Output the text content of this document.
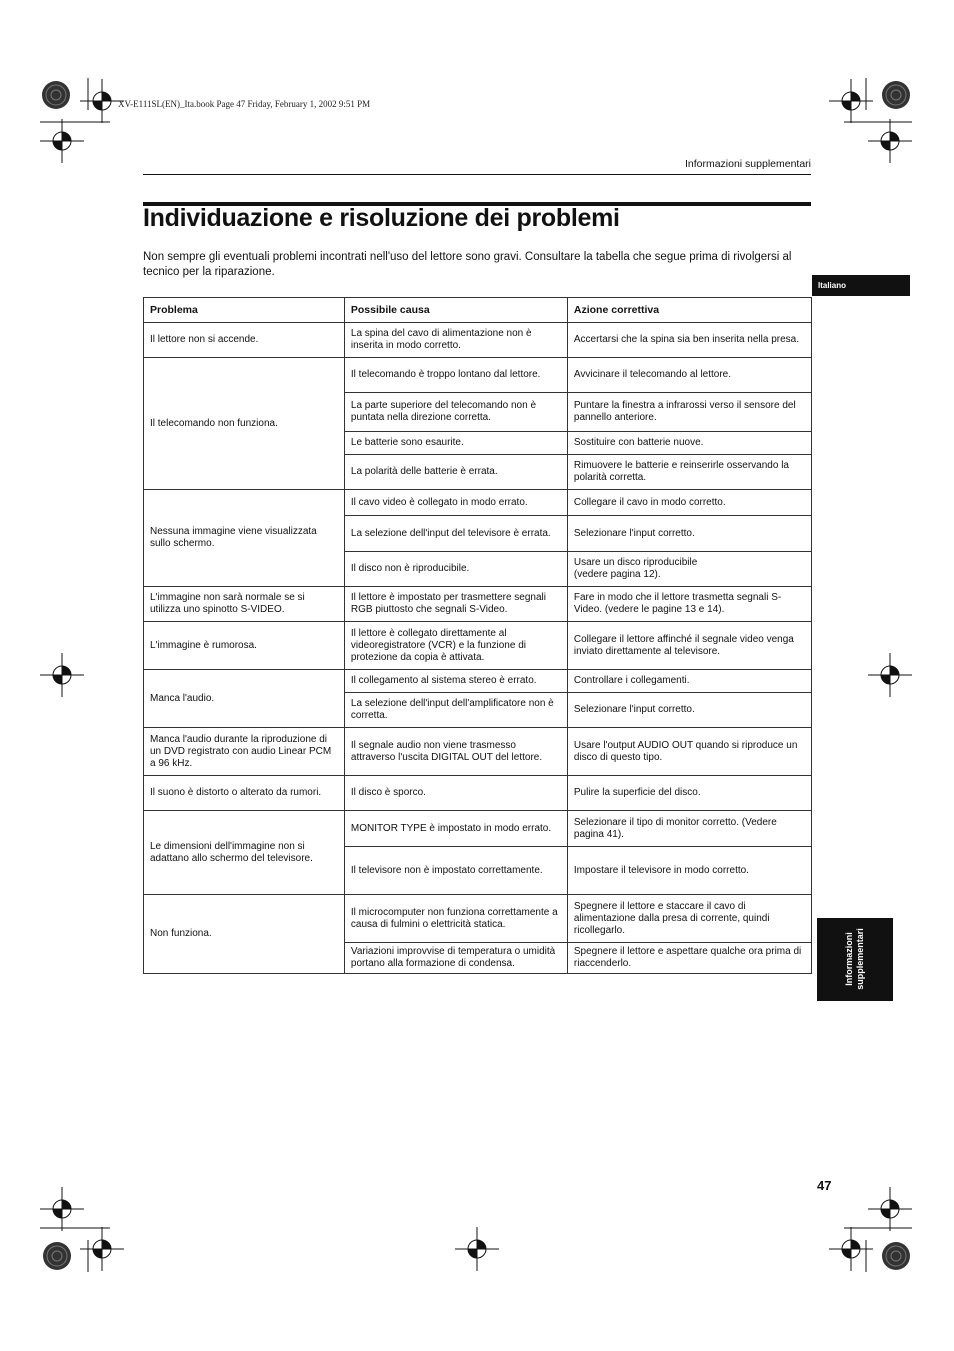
XV-E111SL(EN)_Ita.book Page 47 Friday, February 1, 2002 9:51 PM
Informazioni supplementari
Individuazione e risoluzione dei problemi

Non sempre gli eventuali problemi incontrati nell'uso del lettore sono gravi. Consultare la tabella che segue prima di rivolgersi al tecnico per la riparazione.

Problema	Possibile causa	Azione correttiva
Il lettore non si accende.	La spina del cavo di alimentazione non è inserita in modo corretto.	Accertarsi che la spina sia ben inserita nella presa.
Il telecomando non funziona.	Il telecomando è troppo lontano dal lettore.	Avvicinare il telecomando al lettore.
	La parte superiore del telecomando non è puntata nella direzione corretta.	Puntare la finestra a infrarossi verso il sensore del pannello anteriore.
	Le batterie sono esaurite.	Sostituire con batterie nuove.
	La polarità delle batterie è errata.	Rimuovere le batterie e reinserirle osservando la polarità corretta.
Nessuna immagine viene visualizzata sullo schermo.	Il cavo video è collegato in modo errato.	Collegare il cavo in modo corretto.
	La selezione dell'input del televisore è errata.	Selezionare l'input corretto.
	Il disco non è riproducibile.	Usare un disco riproducibile
(vedere pagina 12).
L'immagine non sarà normale se si utilizza uno spinotto S-VIDEO.	Il lettore è impostato per trasmettere segnali RGB piuttosto che segnali S-Video.	Fare in modo che il lettore trasmetta segnali S-Video. (vedere le pagine 13 e 14).
L'immagine è rumorosa.	Il lettore è collegato direttamente al videoregistratore (VCR) e la funzione di protezione da copia è attivata.	Collegare il lettore affinché il segnale video venga inviato direttamente al televisore.
Manca l'audio.	Il collegamento al sistema stereo è errato.	Controllare i collegamenti.
	La selezione dell'input dell'amplificatore non è corretta.	Selezionare l'input corretto.
Manca l'audio durante la riproduzione di un DVD registrato con audio Linear PCM a 96 kHz.	Il segnale audio non viene trasmesso attraverso l'uscita DIGITAL OUT del lettore.	Usare l'output AUDIO OUT quando si riproduce un disco di questo tipo.
Il suono è distorto o alterato da rumori.	Il disco è sporco.	Pulire la superficie del disco.
Le dimensioni dell'immagine non si adattano allo schermo del televisore.	MONITOR TYPE è impostato in modo errato.	Selezionare il tipo di monitor corretto. (Vedere pagina 41).
	Il televisore non è impostato correttamente.	Impostare il televisore in modo corretto.
Non funziona.	Il microcomputer non funziona correttamente a causa di fulmini o elettricità statica.	Spegnere il lettore e staccare il cavo di alimentazione dalla presa di corrente, quindi ricollegarlo.
	Variazioni improvvise di temperatura o umidità portano alla formazione di condensa.	Spegnere il lettore e aspettare qualche ora prima di riaccenderlo.
Italiano
Informazioni
supplementari
47
